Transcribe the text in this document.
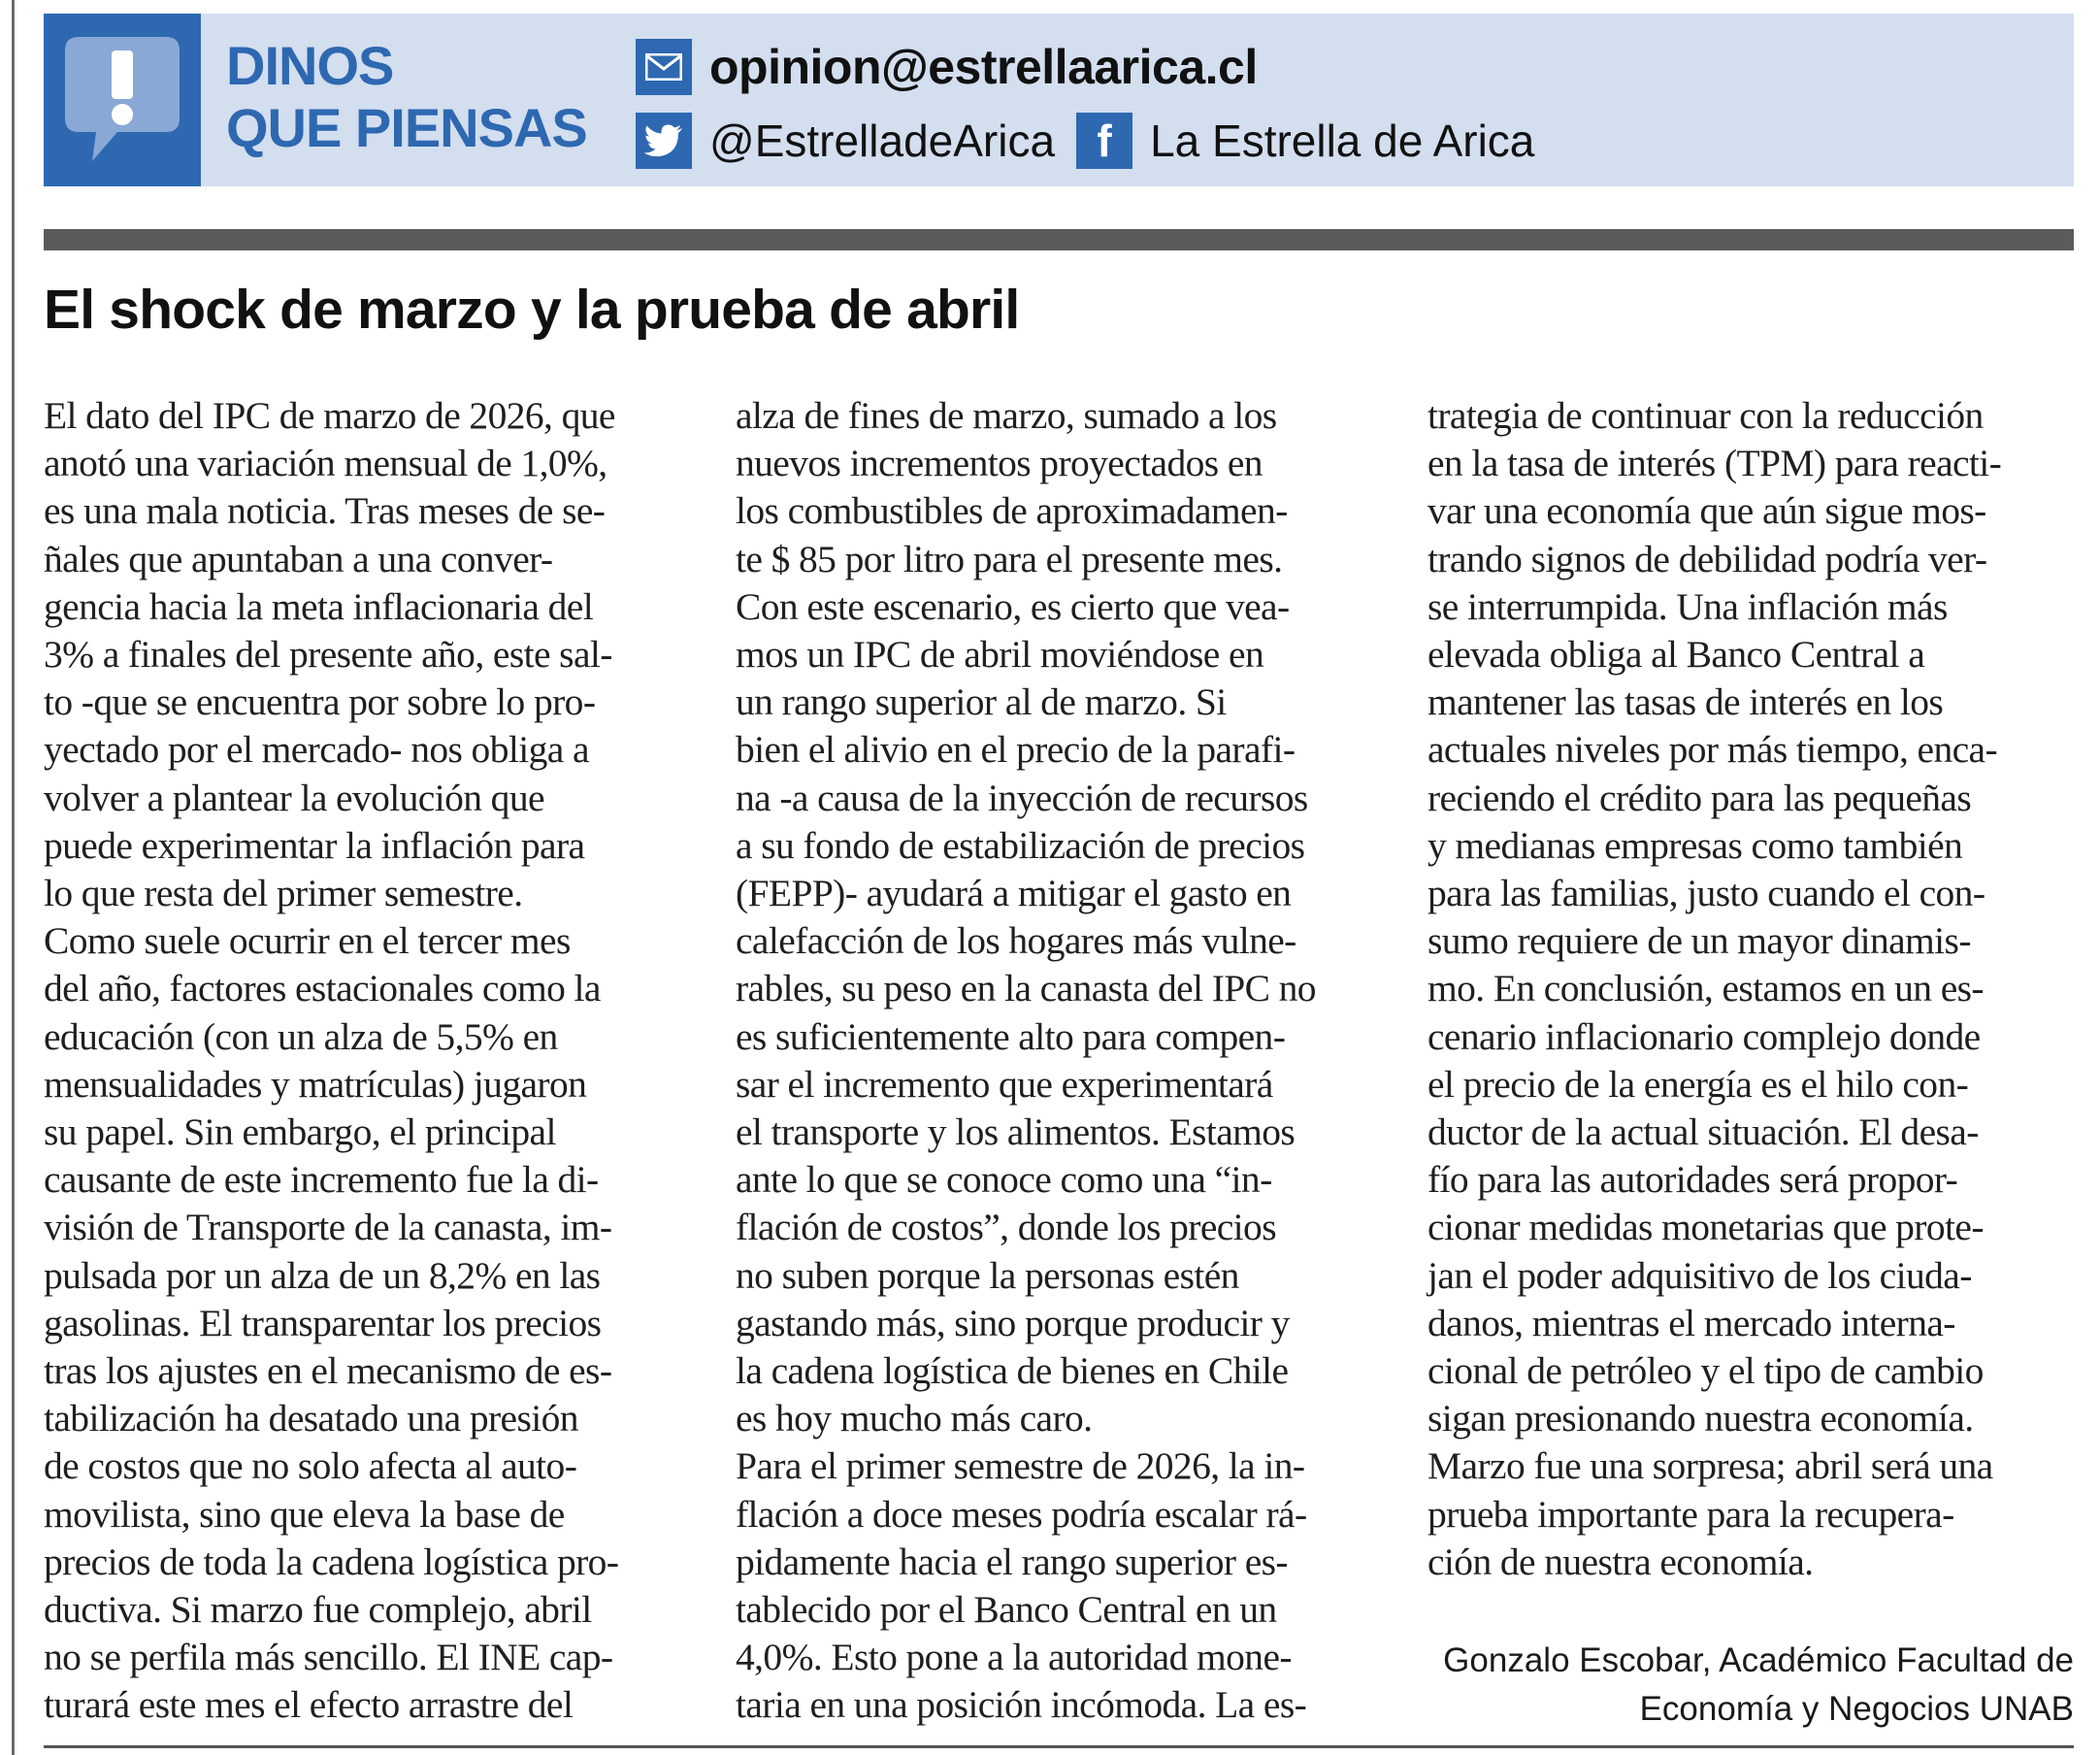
DINOS
QUE PIENSAS
opinion@estrellaarica.cl
@EstrelladeArica f La Estrella de Arica
El shock de marzo y la prueba de abril
El dato del IPC de marzo de 2026, que
anotó una variación mensual de 1,0%,
es una mala noticia. Tras meses de se-
ñales que apuntaban a una conver-
gencia hacia la meta inflacionaria del
3% a finales del presente año, este sal-
to -que se encuentra por sobre lo pro-
yectado por el mercado- nos obliga a
volver a plantear la evolución que
puede experimentar la inflación para
lo que resta del primer semestre.
Como suele ocurrir en el tercer mes
del año, factores estacionales como la
educación (con un alza de 5,5% en
mensualidades y matrículas) jugaron
su papel. Sin embargo, el principal
causante de este incremento fue la di-
visión de Transporte de la canasta, im-
pulsada por un alza de un 8,2% en las
gasolinas. El transparentar los precios
tras los ajustes en el mecanismo de es-
tabilización ha desatado una presión
de costos que no solo afecta al auto-
movilista, sino que eleva la base de
precios de toda la cadena logística pro-
ductiva. Si marzo fue complejo, abril
no se perfila más sencillo. El INE cap-
turará este mes el efecto arrastre del
alza de fines de marzo, sumado a los
nuevos incrementos proyectados en
los combustibles de aproximadamen-
te $ 85 por litro para el presente mes.
Con este escenario, es cierto que vea-
mos un IPC de abril moviéndose en
un rango superior al de marzo. Si
bien el alivio en el precio de la parafi-
na -a causa de la inyección de recursos
a su fondo de estabilización de precios
(FEPP)- ayudará a mitigar el gasto en
calefacción de los hogares más vulne-
rables, su peso en la canasta del IPC no
es suficientemente alto para compen-
sar el incremento que experimentará
el transporte y los alimentos. Estamos
ante lo que se conoce como una “in-
flación de costos”, donde los precios
no suben porque la personas estén
gastando más, sino porque producir y
la cadena logística de bienes en Chile
es hoy mucho más caro.
Para el primer semestre de 2026, la in-
flación a doce meses podría escalar rá-
pidamente hacia el rango superior es-
tablecido por el Banco Central en un
4,0%. Esto pone a la autoridad mone-
taria en una posición incómoda. La es-
trategia de continuar con la reducción
en la tasa de interés (TPM) para reacti-
var una economía que aún sigue mos-
trando signos de debilidad podría ver-
se interrumpida. Una inflación más
elevada obliga al Banco Central a
mantener las tasas de interés en los
actuales niveles por más tiempo, enca-
reciendo el crédito para las pequeñas
y medianas empresas como también
para las familias, justo cuando el con-
sumo requiere de un mayor dinamis-
mo. En conclusión, estamos en un es-
cenario inflacionario complejo donde
el precio de la energía es el hilo con-
ductor de la actual situación. El desa-
fío para las autoridades será propor-
cionar medidas monetarias que prote-
jan el poder adquisitivo de los ciuda-
danos, mientras el mercado interna-
cional de petróleo y el tipo de cambio
sigan presionando nuestra economía.
Marzo fue una sorpresa; abril será una
prueba importante para la recupera-
ción de nuestra economía.
Gonzalo Escobar, Académico Facultad de
Economía y Negocios UNAB
